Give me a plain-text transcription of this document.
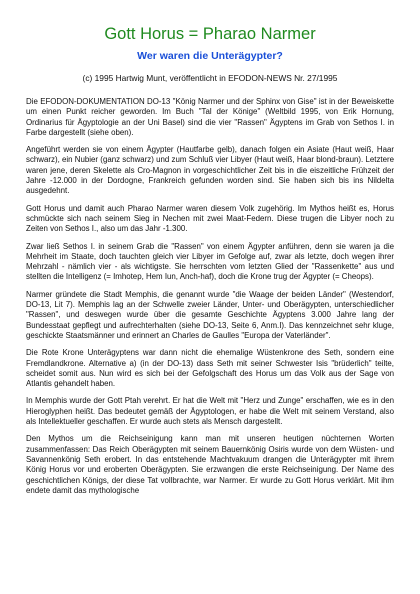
Gott Horus = Pharao Narmer
Wer waren die Unterägypter?
(c) 1995 Hartwig Munt, veröffentlicht in EFODON-NEWS Nr. 27/1995

Die EFODON-DOKUMENTATION DO-13 "König Narmer und der Sphinx von Gise" ist in der Beweiskette um einen Punkt reicher geworden. Im Buch "Tal der Könige" (Weltbild 1995, von Erik Hornung, Ordinarius für Ägyptologie an der Uni Basel) sind die vier "Rassen" Ägyptens im Grab von Sethos I. in Farbe dargestellt (siehe oben).

Angeführt werden sie von einem Ägypter (Hautfarbe gelb), danach folgen ein Asiate (Haut weiß, Haar schwarz), ein Nubier (ganz schwarz) und zum Schluß vier Libyer (Haut weiß, Haar blond-braun). Letztere waren jene, deren Skelette als Cro-Magnon in vorgeschichtlicher Zeit bis in die eiszeitliche Frühzeit der Jahre -12.000 in der Dordogne, Frankreich gefunden worden sind. Sie haben sich bis ins Nildelta ausgedehnt.

Gott Horus und damit auch Pharao Narmer waren diesem Volk zugehörig. Im Mythos heißt es, Horus schmückte sich nach seinem Sieg in Nechen mit zwei Maat-Federn. Diese trugen die Libyer noch zu Zeiten von Sethos I., also um das Jahr -1.300.

Zwar ließ Sethos I. in seinem Grab die "Rassen" von einem Ägypter anführen, denn sie waren ja die Mehrheit im Staate, doch tauchten gleich vier Libyer im Gefolge auf, zwar als letzte, doch wegen ihrer Mehrzahl - nämlich vier - als wichtigste. Sie herrschten vom letzten Glied der "Rassenkette" aus und stellten die Intelligenz (= Imhotep, Hem Iun, Anch-haf), doch die Krone trug der Ägypter (= Cheops).

Narmer gründete die Stadt Memphis, die genannt wurde "die Waage der beiden Länder" (Westendorf, DO-13, Lit 7). Memphis lag an der Schwelle zweier Länder, Unter- und Oberägypten, unterschiedlicher "Rassen", und deswegen wurde über die gesamte Geschichte Ägyptens 3.000 Jahre lang der Bundesstaat gepflegt und aufrechterhalten (siehe DO-13, Seite 6, Anm.I). Das kennzeichnet sehr kluge, geschickte Staatsmänner und erinnert an Charles de Gaulles "Europa der Vaterländer".

Die Rote Krone Unterägyptens war dann nicht die ehemalige Wüstenkrone des Seth, sondern eine Fremdlandkrone. Alternative a) (in der DO-13) dass Seth mit seiner Schwester Isis "brüderlich" teilte, scheidet somit aus. Nun wird es sich bei der Gefolgschaft des Horus um das Volk aus der Sage von Atlantis gehandelt haben.

In Memphis wurde der Gott Ptah verehrt. Er hat die Welt mit "Herz und Zunge" erschaffen, wie es in den Hieroglyphen heißt. Das bedeutet gemäß der Ägyptologen, er habe die Welt mit seinem Verstand, also als Intellektueller geschaffen. Er wurde auch stets als Mensch dargestellt.

Den Mythos um die Reichseinigung kann man mit unseren heutigen nüchternen Worten zusammenfassen: Das Reich Oberägypten mit seinem Bauernkönig Osiris wurde von dem Wüsten- und Savannenkönig Seth erobert. In das entstehende Machtvakuum drangen die Unterägypter mit ihrem König Horus vor und eroberten Oberägypten. Sie erzwangen die erste Reichseinigung. Der Name des geschichtlichen Königs, der diese Tat vollbrachte, war Narmer. Er wurde zu Gott Horus verklärt. Mit ihm endete damit das mythologische
